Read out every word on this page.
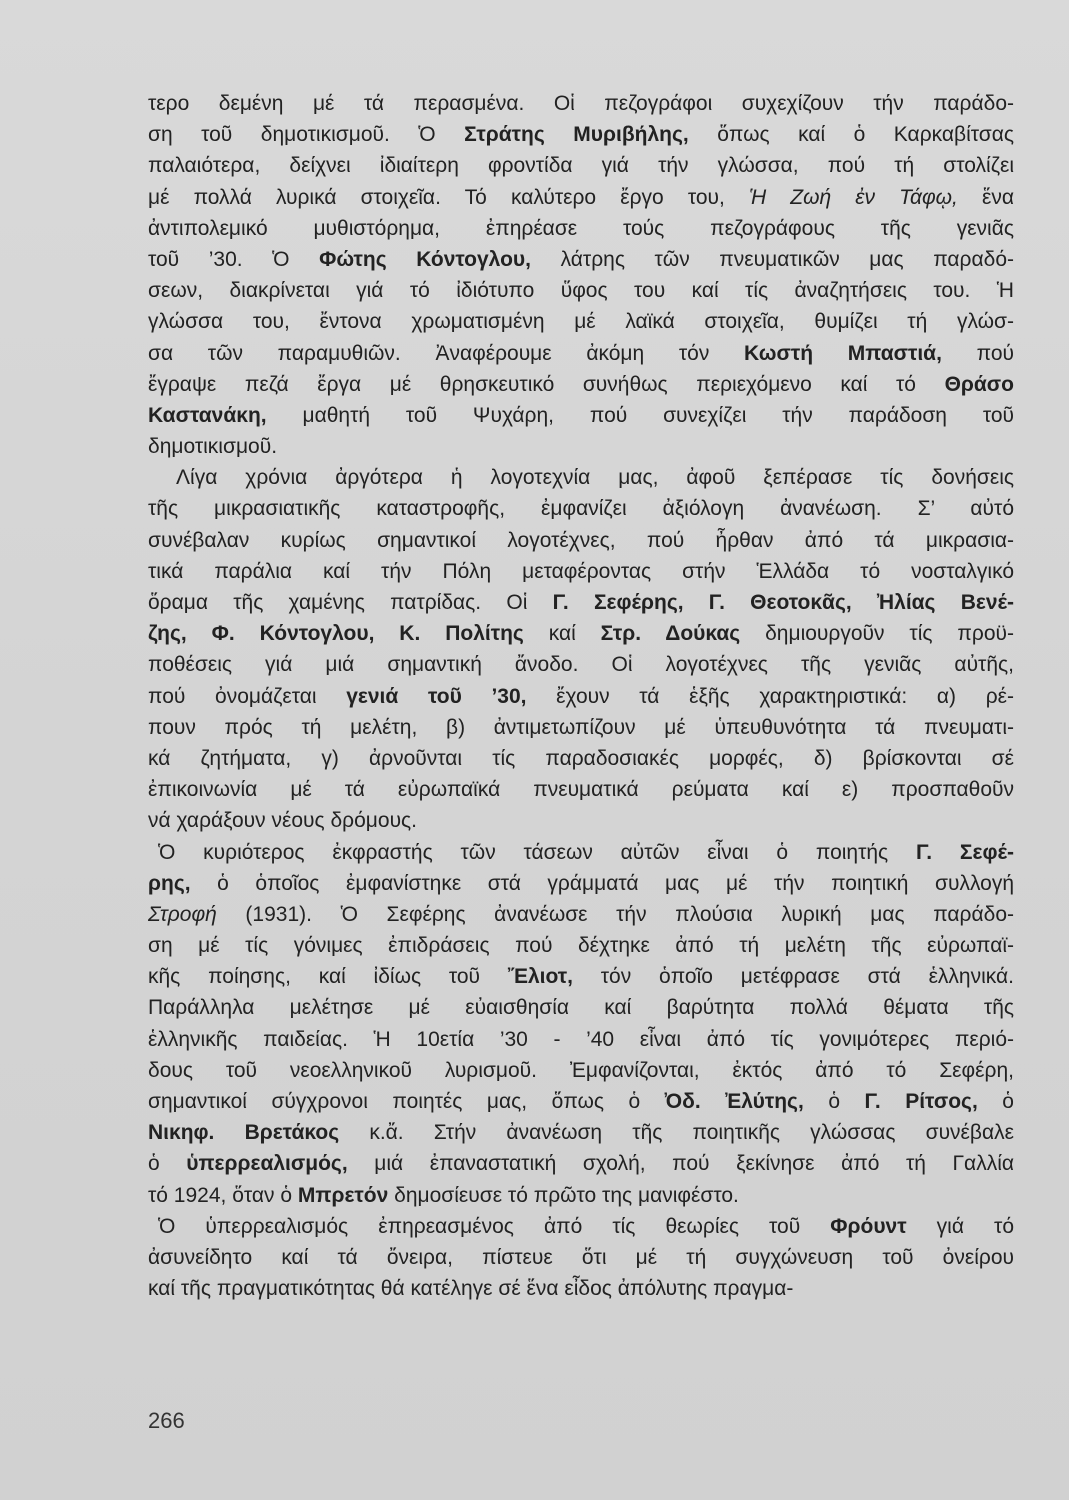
τερο δεμένη μέ τά περασμένα. Οἱ πεζογράφοι συχεχίζουν τήν παράδο-
ση τοῦ δημοτικισμοῦ. Ὁ Στράτης Μυριβήλης, ὅπως καί ὁ Καρκαβίτσας
παλαιότερα, δείχνει ἰδιαίτερη φροντίδα γιά τήν γλώσσα, πού τή στολίζει
μέ πολλά λυρικά στοιχεῖα. Τό καλύτερο ἔργο του, Ἡ Ζωή ἐν Τάφῳ, ἕνα
ἀντιπολεμικό μυθιστόρημα, ἐπηρέασε τούς πεζογράφους τῆς γενιᾶς
τοῦ ’30. Ὁ Φώτης Κόντογλου, λάτρης τῶν πνευματικῶν μας παραδό-
σεων, διακρίνεται γιά τό ἰδιότυπο ὕφος του καί τίς ἀναζητήσεις του. Ἡ
γλώσσα του, ἔντονα χρωματισμένη μέ λαϊκά στοιχεῖα, θυμίζει τή γλώσ-
σα τῶν παραμυθιῶν. Ἀναφέρουμε ἀκόμη τόν Κωστή Μπαστιά, πού
ἔγραψε πεζά ἔργα μέ θρησκευτικό συνήθως περιεχόμενο καί τό Θράσο
Καστανάκη, μαθητή τοῦ Ψυχάρη, πού συνεχίζει τήν παράδοση τοῦ
δημοτικισμοῦ.
Λίγα χρόνια ἀργότερα ἡ λογοτεχνία μας, ἀφοῦ ξεπέρασε τίς δονήσεις
τῆς μικρασιατικῆς καταστροφῆς, ἐμφανίζει ἀξιόλογη ἀνανέωση. Σ’ αὐτό
συνέβαλαν κυρίως σημαντικοί λογοτέχνες, πού ἦρθαν ἀπό τά μικρασια-
τικά παράλια καί τήν Πόλη μεταφέροντας στήν Ἑλλάδα τό νοσταλγικό
ὅραμα τῆς χαμένης πατρίδας. Οἱ Γ. Σεφέρης, Γ. Θεοτοκᾶς, Ἠλίας Βενέ-
ζης, Φ. Κόντογλου, Κ. Πολίτης καί Στρ. Δούκας δημιουργοῦν τίς προϋ-
ποθέσεις γιά μιά σημαντική ἄνοδο. Οἱ λογοτέχνες τῆς γενιᾶς αὐτῆς,
πού ὀνομάζεται γενιά τοῦ ’30, ἔχουν τά ἑξῆς χαρακτηριστικά: α) ρέ-
πουν πρός τή μελέτη, β) ἀντιμετωπίζουν μέ ὑπευθυνότητα τά πνευματι-
κά ζητήματα, γ) ἀρνοῦνται τίς παραδοσιακές μορφές, δ) βρίσκονται σέ
ἐπικοινωνία μέ τά εὐρωπαϊκά πνευματικά ρεύματα καί ε) προσπαθοῦν
νά χαράξουν νέους δρόμους.
Ὁ κυριότερος ἐκφραστής τῶν τάσεων αὐτῶν εἶναι ὁ ποιητής Γ. Σεφέ-
ρης, ὁ ὁποῖος ἐμφανίστηκε στά γράμματά μας μέ τήν ποιητική συλλογή
Στροφή (1931). Ὁ Σεφέρης ἀνανέωσε τήν πλούσια λυρική μας παράδο-
ση μέ τίς γόνιμες ἐπιδράσεις πού δέχτηκε ἀπό τή μελέτη τῆς εὐρωπαϊ-
κῆς ποίησης, καί ἰδίως τοῦ Ἔλιοτ, τόν ὁποῖο μετέφρασε στά ἑλληνικά.
Παράλληλα μελέτησε μέ εὐαισθησία καί βαρύτητα πολλά θέματα τῆς
ἑλληνικῆς παιδείας. Ἡ 10ετία ’30 - ’40 εἶναι ἀπό τίς γονιμότερες περιό-
δους τοῦ νεοελληνικοῦ λυρισμοῦ. Ἐμφανίζονται, ἐκτός ἀπό τό Σεφέρη,
σημαντικοί σύγχρονοι ποιητές μας, ὅπως ὁ Ὀδ. Ἐλύτης, ὁ Γ. Ρίτσος, ὁ
Νικηφ. Βρετάκος κ.ἄ. Στήν ἀνανέωση τῆς ποιητικῆς γλώσσας συνέβαλε
ὁ ὑπερρεαλισμός, μιά ἐπαναστατική σχολή, πού ξεκίνησε ἀπό τή Γαλλία
τό 1924, ὅταν ὁ Μπρετόν δημοσίευσε τό πρῶτο της μανιφέστο.
Ὁ ὑπερρεαλισμός ἐπηρεασμένος ἀπό τίς θεωρίες τοῦ Φρόυντ γιά τό
ἀσυνείδητο καί τά ὄνειρα, πίστευε ὅτι μέ τή συγχώνευση τοῦ ὀνείρου
καί τῆς πραγματικότητας θά κατέληγε σέ ἕνα εἶδος ἀπόλυτης πραγμα-
266
